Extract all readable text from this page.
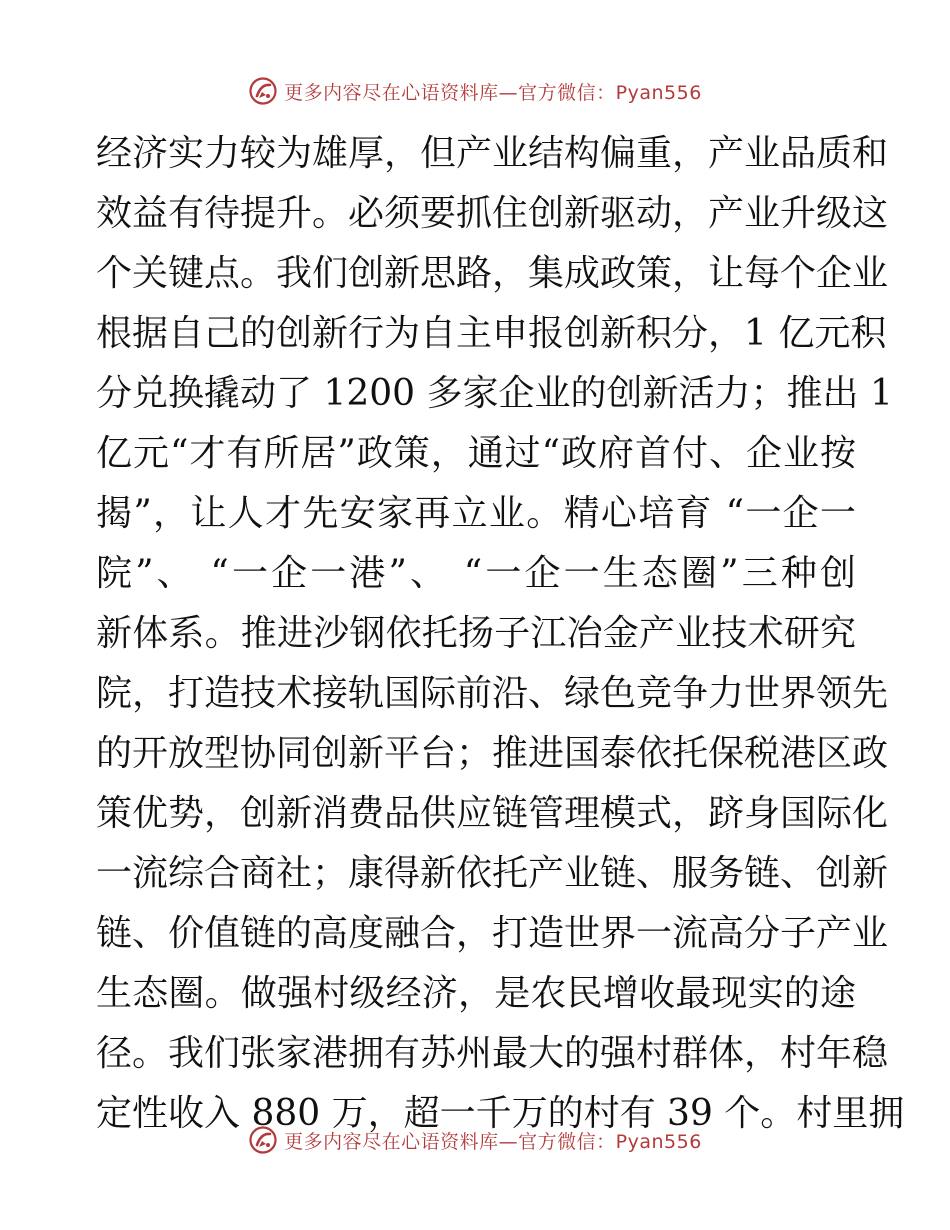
更多内容尽在心语资料库—官方微信：Pyan556
经济实力较为雄厚，但产业结构偏重，产业品质和
效益有待提升。必须要抓住创新驱动，产业升级这
个关键点。我们创新思路，集成政策，让每个企业
根据自己的创新行为自主申报创新积分，1 亿元积
分兑换撬动了 1200 多家企业的创新活力；推出 1
亿元“才有所居”政策，通过“政府首付、企业按
揭”，让人才先安家再立业。精心培育 “一企一
院”、 “一企一港”、 “一企一生态圈”三种创
新体系。推进沙钢依托扬子江冶金产业技术研究
院，打造技术接轨国际前沿、绿色竞争力世界领先
的开放型协同创新平台；推进国泰依托保税港区政
策优势，创新消费品供应链管理模式，跻身国际化
一流综合商社；康得新依托产业链、服务链、创新
链、价值链的高度融合，打造世界一流高分子产业
生态圈。做强村级经济，是农民增收最现实的途
径。我们张家港拥有苏州最大的强村群体，村年稳
定性收入 880 万，超一千万的村有 39 个。村里拥
更多内容尽在心语资料库—官方微信：Pyan556
